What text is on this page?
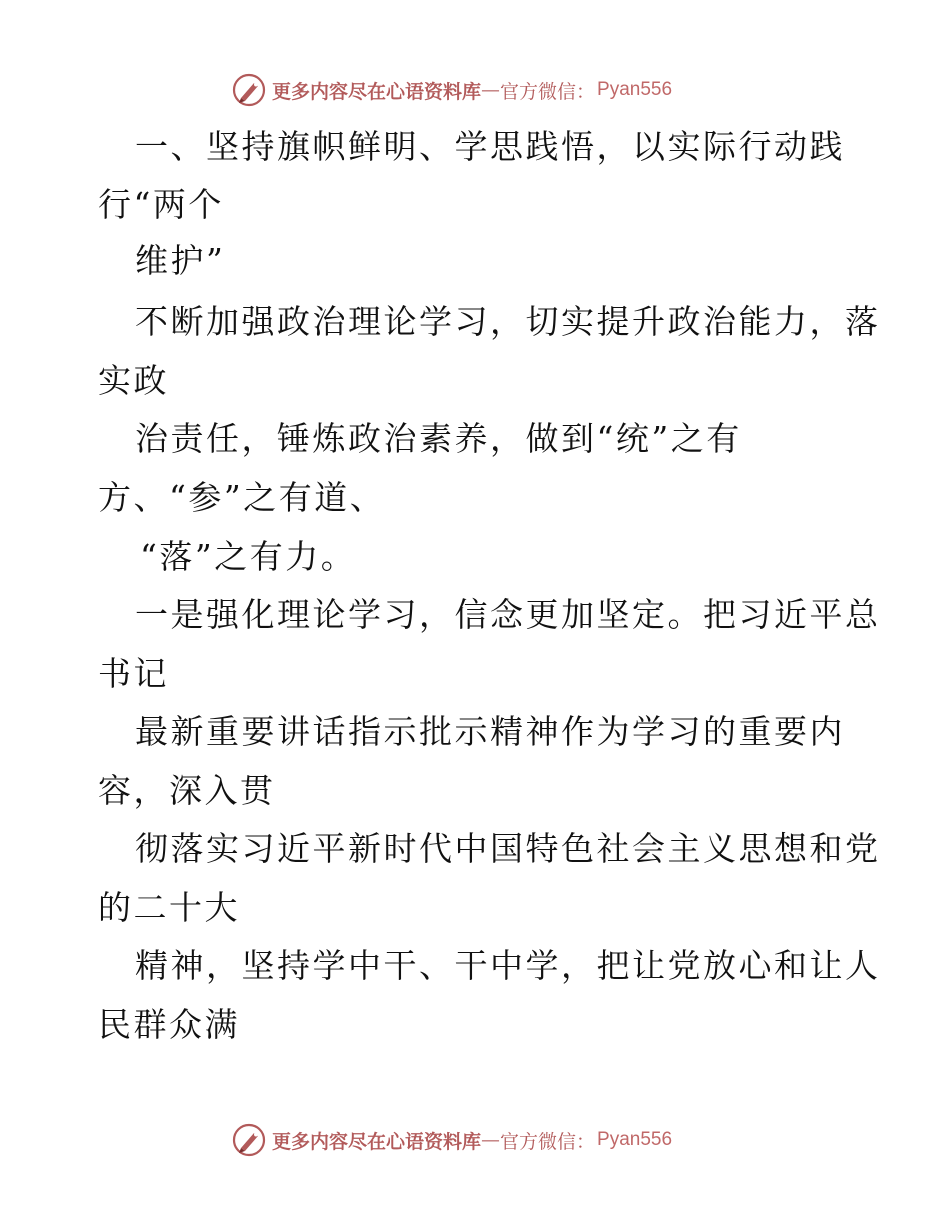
更多内容尽在心语资料库 — 官方微信： Pyan556
一、坚持旗帜鲜明、学思践悟，以实际行动践
行“两个
维护”
不断加强政治理论学习，切实提升政治能力，落
实政
治责任，锤炼政治素养，做到“统”之有
方、“参”之有道、
“落”之有力。
一是强化理论学习，信念更加坚定。把习近平总
书记
最新重要讲话指示批示精神作为学习的重要内
容，深入贯
彻落实习近平新时代中国特色社会主义思想和党
的二十大
精神，坚持学中干、干中学，把让党放心和让人
民群众满
更多内容尽在心语资料库 — 官方微信： Pyan556
